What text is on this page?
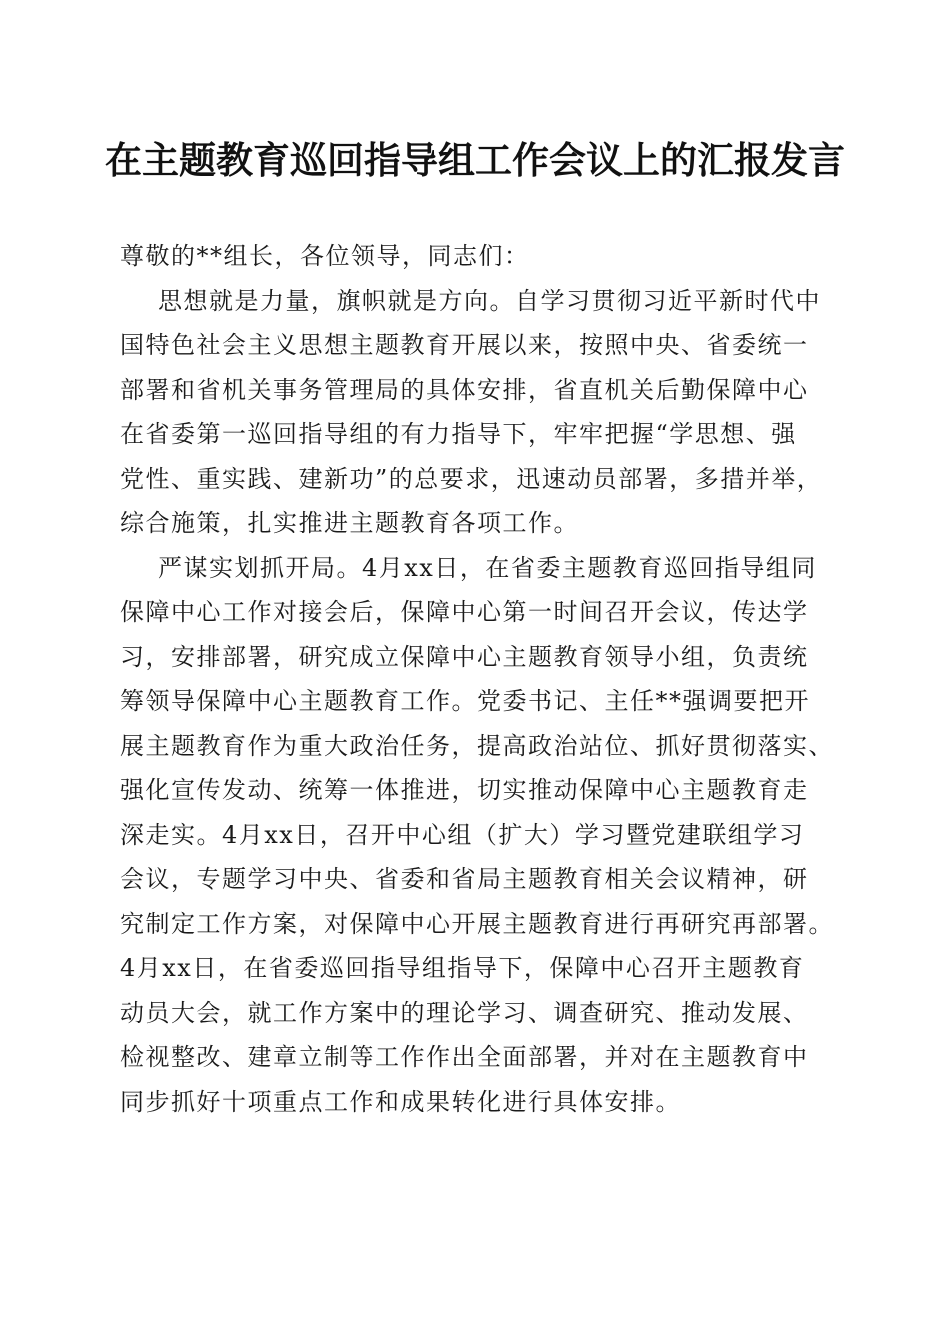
在主题教育巡回指导组工作会议上的汇报发言
尊敬的**组长，各位领导，同志们：
思想就是力量，旗帜就是方向。自学习贯彻习近平新时代中
国特色社会主义思想主题教育开展以来，按照中央、省委统一
部署和省机关事务管理局的具体安排，省直机关后勤保障中心
在省委第一巡回指导组的有力指导下，牢牢把握“学思想、强
党性、重实践、建新功”的总要求，迅速动员部署，多措并举，
综合施策，扎实推进主题教育各项工作。
严谋实划抓开局。4月xx日，在省委主题教育巡回指导组同
保障中心工作对接会后，保障中心第一时间召开会议，传达学
习，安排部署，研究成立保障中心主题教育领导小组，负责统
筹领导保障中心主题教育工作。党委书记、主任**强调要把开
展主题教育作为重大政治任务，提高政治站位、抓好贯彻落实、
强化宣传发动、统筹一体推进，切实推动保障中心主题教育走
深走实。4月xx日，召开中心组（扩大）学习暨党建联组学习
会议，专题学习中央、省委和省局主题教育相关会议精神，研
究制定工作方案，对保障中心开展主题教育进行再研究再部署。
4月xx日，在省委巡回指导组指导下，保障中心召开主题教育
动员大会，就工作方案中的理论学习、调查研究、推动发展、
检视整改、建章立制等工作作出全面部署，并对在主题教育中
同步抓好十项重点工作和成果转化进行具体安排。
